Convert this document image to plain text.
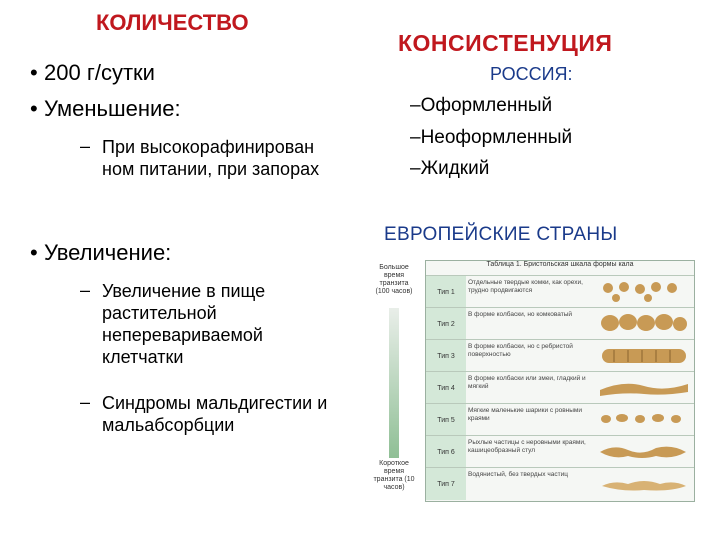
КОЛИЧЕСТВО
• 200 г/сутки
• Уменьшение:
– При высокорафинирован ном питании, при запорах
• Увеличение:
– Увеличение в пище растительной неперевариваемой клетчатки
– Синдромы мальдигестии и мальабсорбции
КОНСИСТЕНУЦИЯ
РОССИЯ:
–Оформленный
–Неоформленный
–Жидкий
ЕВРОПЕЙСКИЕ СТРАНЫ
Большое время транзита (100 часов)
Короткое время транзита (10 часов)
Таблица 1. Бристольская шкала формы кала
Тип 1
Отдельные твердые комки, как орехи, трудно продвигаются
Тип 2
В форме колбаски, но комковатый
Тип 3
В форме колбаски, но с ребристой поверхностью
Тип 4
В форме колбаски или змеи, гладкий и мягкий
Тип 5
Мягкие маленькие шарики с ровными краями
Тип 6
Рыхлые частицы с неровными краями, кашицеобразный стул
Тип 7
Водянистый, без твердых частиц
